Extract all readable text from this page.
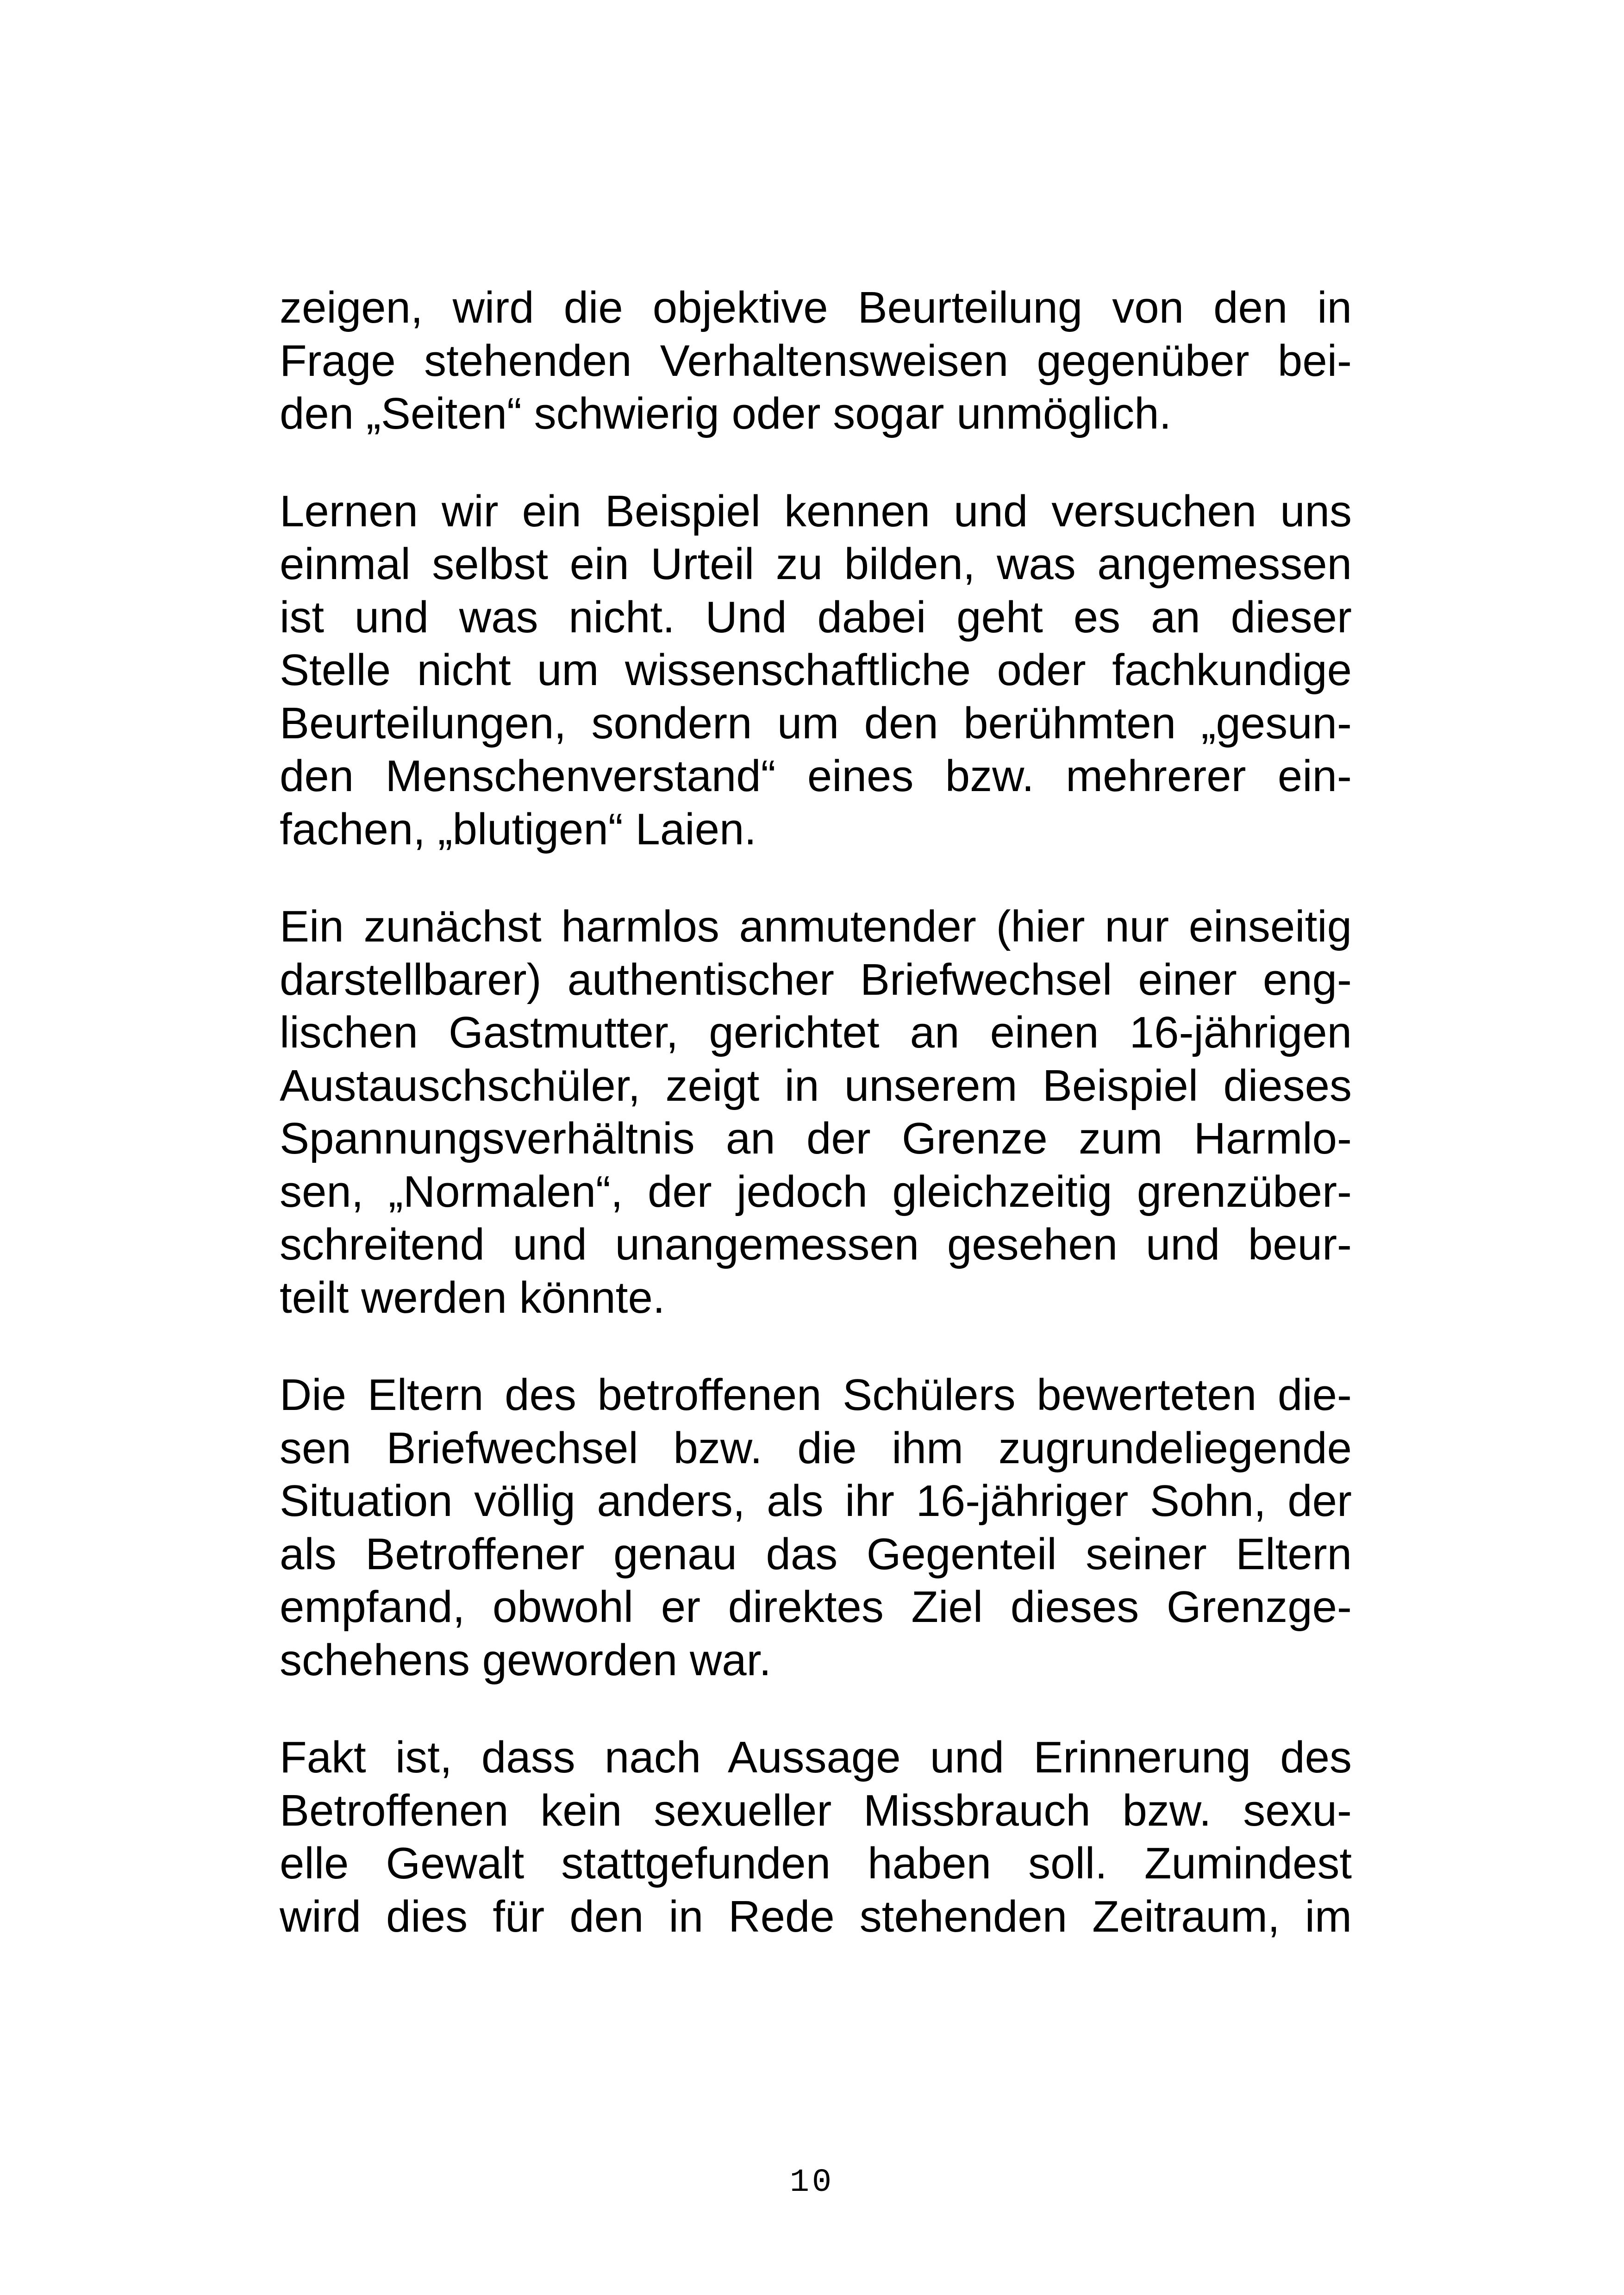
zeigen, wird die objektive Beurteilung von den in
Frage stehenden Verhaltensweisen gegenüber bei-
den „Seiten“ schwierig oder sogar unmöglich.
Lernen wir ein Beispiel kennen und versuchen uns
einmal selbst ein Urteil zu bilden, was angemessen
ist und was nicht. Und dabei geht es an dieser
Stelle nicht um wissenschaftliche oder fachkundige
Beurteilungen, sondern um den berühmten „gesun-
den Menschenverstand“ eines bzw. mehrerer ein-
fachen, „blutigen“ Laien.
Ein zunächst harmlos anmutender (hier nur einseitig
darstellbarer) authentischer Briefwechsel einer eng-
lischen Gastmutter, gerichtet an einen 16-jährigen
Austauschschüler, zeigt in unserem Beispiel dieses
Spannungsverhältnis an der Grenze zum Harmlo-
sen, „Normalen“, der jedoch gleichzeitig grenzüber-
schreitend und unangemessen gesehen und beur-
teilt werden könnte.
Die Eltern des betroffenen Schülers bewerteten die-
sen Briefwechsel bzw. die ihm zugrundeliegende
Situation völlig anders, als ihr 16-jähriger Sohn, der
als Betroffener genau das Gegenteil seiner Eltern
empfand, obwohl er direktes Ziel dieses Grenzge-
schehens geworden war.
Fakt ist, dass nach Aussage und Erinnerung des
Betroffenen kein sexueller Missbrauch bzw. sexu-
elle Gewalt stattgefunden haben soll. Zumindest
wird dies für den in Rede stehenden Zeitraum, im
10
